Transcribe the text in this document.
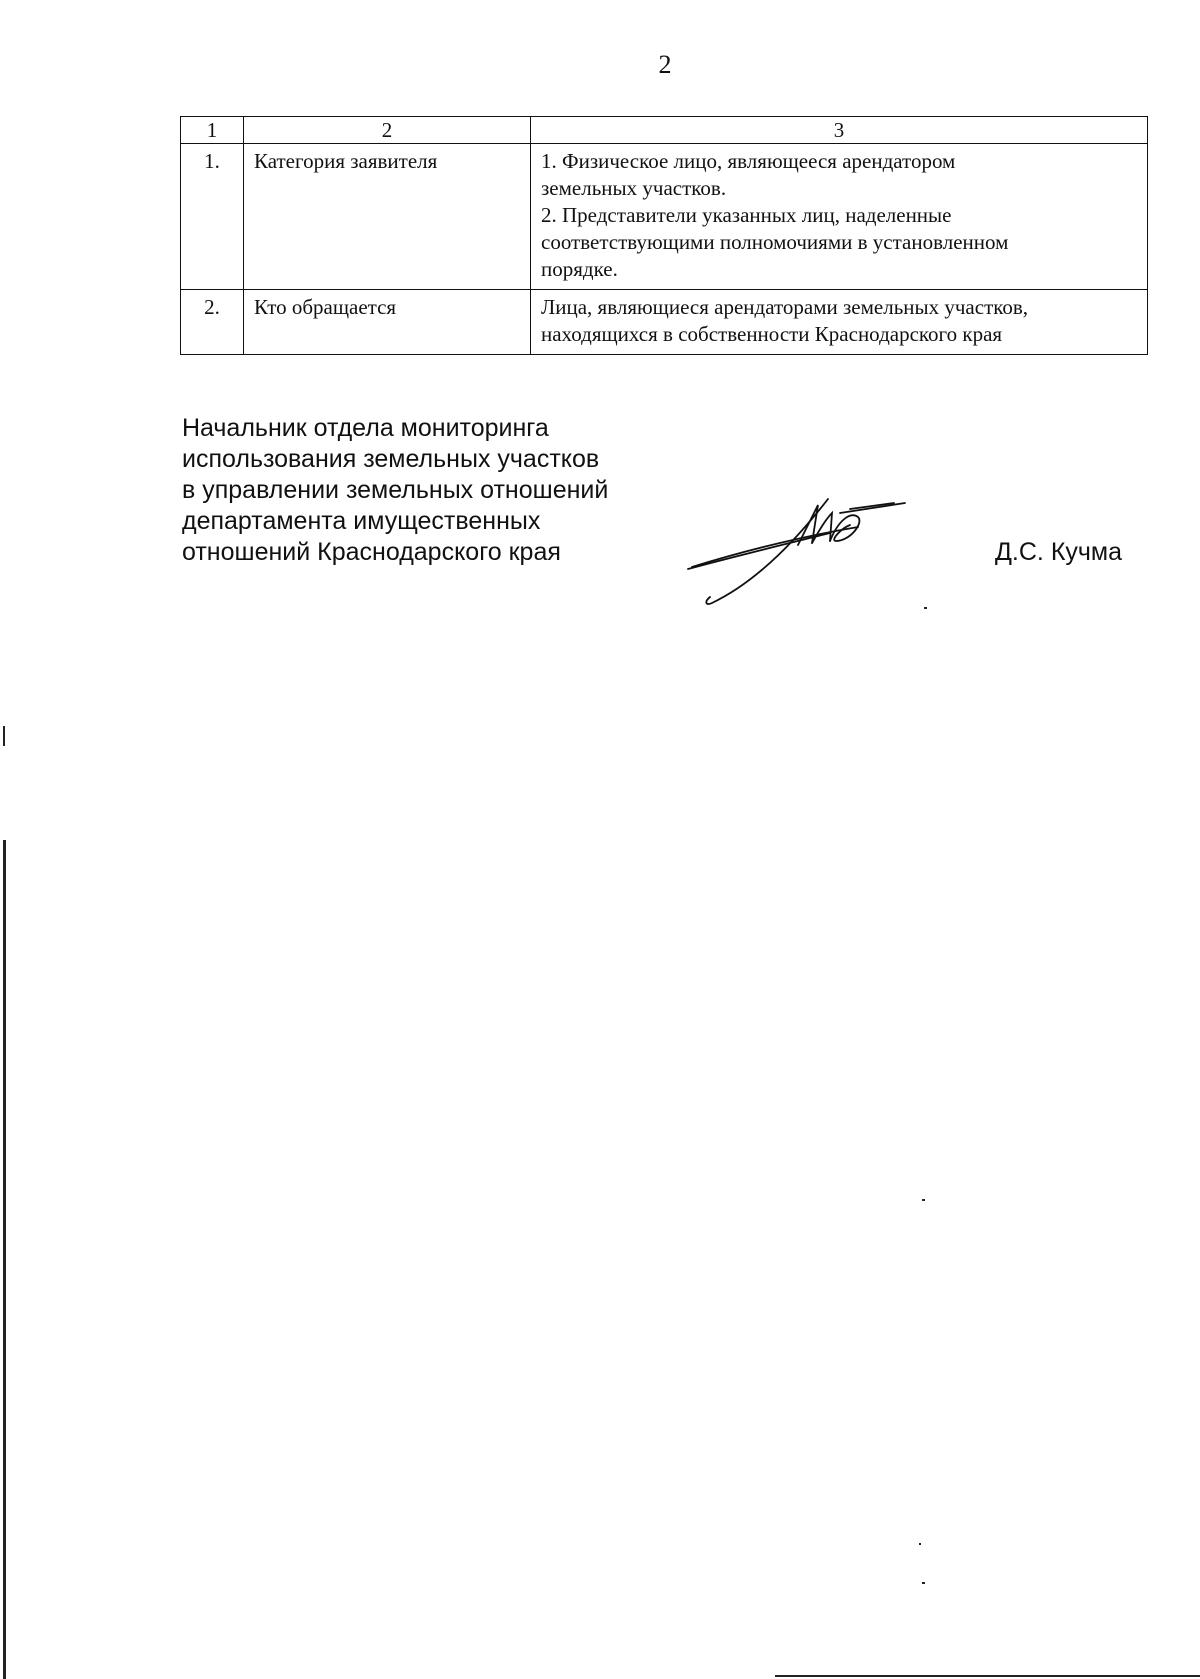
2
1	2	3
1.	Категория заявителя	1. Физическое лицо, являющееся арендатором
земельных участков.
2. Представители указанных лиц, наделенные
соответствующими полномочиями в установленном
порядке.

2.	Кто обращается	Лица, являющиеся арендаторами земельных участков,
находящихся в собственности Краснодарского края
Начальник отдела мониторинга
использования земельных участков
в управлении земельных отношений
департамента имущественных
отношений Краснодарского края	Д.С. Кучма
